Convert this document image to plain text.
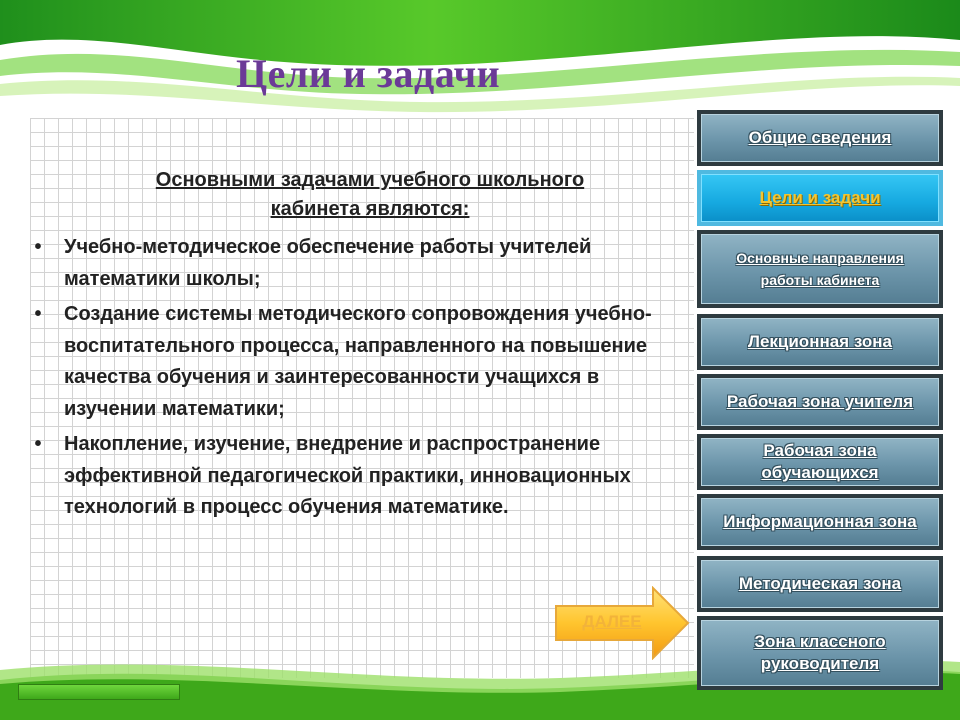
Цели и задачи
Основными задачами учебного школьного
кабинета являются:
•	Учебно-методическое обеспечение работы учителей математики школы;
•	Создание системы методического сопровождения учебно-воспитательного процесса, направленного на повышение качества обучения и заинтересованности учащихся в изучении математики;
•	Накопление, изучение, внедрение и распространение эффективной педагогической практики, инновационных технологий в процесс обучения математике.
Общие сведения
Цели и задачи
Основные направления работы кабинета
Лекционная зона
Рабочая зона учителя
Рабочая зона обучающихся
Информационная зона
Методическая зона
Зона классного руководителя
ДАЛЕЕ
